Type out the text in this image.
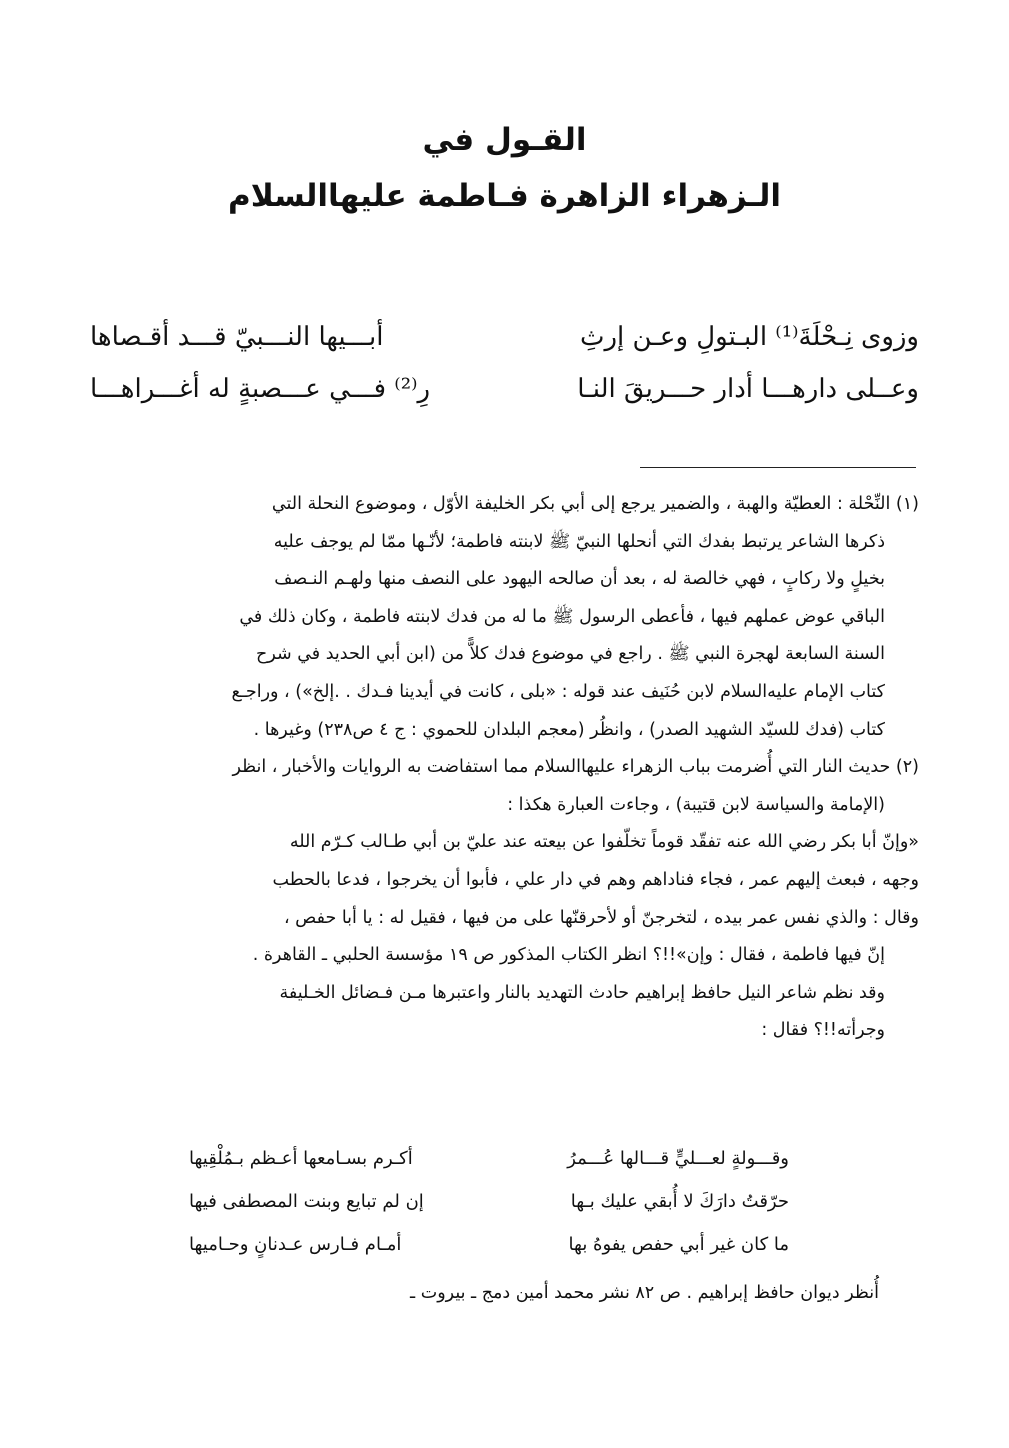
القـول في
الـزهراء الزاهرة فـاطمة عليها‌السلام
وزوى نِـحْلَةَ⁽¹⁾ البـتولِ وعـن إرثِ
أبـــيها النـــبيّ قـــد أقـصاها
وعــلى دارهـــا أدار حـــريقَ النـا
رِ⁽²⁾ فـــي عـــصبةٍ له أغـــراهـــا
(١) النِّحْلة : العطيّة والهبة ، والضمير يرجع إلى أبي بكر الخليفة الأوّل ، وموضوع النحلة التي
ذكرها الشاعر يرتبط بفدك التي أنحلها النبيّ ﷺ لابنته فاطمة؛ لأنّـها ممّا لم يوجف عليه
بخيلٍ ولا ركابٍ ، فهي خالصة له ، بعد أن صالحه اليهود على النصف منها ولهـم النـصف
الباقي عوض عملهم فيها ، فأعطى الرسول ﷺ ما له من فدك لابنته فاطمة ، وكان ذلك في
السنة السابعة لهجرة النبي ﷺ . راجع في موضوع فدك كلاًّ من (ابن أبي الحديد في شرح
كتاب الإمام عليه‌السلام لابن حُنَيف عند قوله : «بلى ، كانت في أيدينا فـدك . .إلخ») ، وراجـع
كتاب (فدك للسيّد الشهيد الصدر) ، وانظُر (معجم البلدان للحموي : ج ٤ ص٢٣٨) وغيرها .
(٢) حديث النار التي أُضرمت بباب الزهراء عليها‌السلام مما استفاضت به الروايات والأخبار ، انظر
(الإمامة والسياسة لابن قتيبة) ، وجاءت العبارة هكذا :
«وإنّ أبا بكر رضي الله عنه تفقّد قوماً تخلّفوا عن بيعته عند عليّ بن أبي طـالب كـرّم الله
وجهه ، فبعث إليهم عمر ، فجاء فناداهم وهم في دار علي ، فأبوا أن يخرجوا ، فدعا بالحطب
وقال : والذي نفس عمر بيده ، لتخرجنّ أو لأحرقنّها على من فيها ، فقيل له : يا أبا حفص ،
إنّ فيها فاطمة ، فقال : وإن»!!؟ انظر الكتاب المذكور ص ١٩ مؤسسة الحلبي ـ القاهرة .
وقد نظم شاعر النيل حافظ إبراهيم حادث التهديد بالنار واعتبرها مـن فـضائل الخـليفة
وجرأته!!؟ فقال :
وقـــولةٍ لعـــليٍّ قـــالها عُـــمرُ
أكـرم بسـامعها أعـظم بـمُلْقِيها
حرّقتُ دارَكَ لا أُبقي عليك بـها
إن لم تبايع وبنت المصطفى فيها
ما كان غير أبي حفص يفوهُ بها
أمـام فـارس عـدنانٍ وحـاميها
أُنظر ديوان حافظ إبراهيم . ص ٨٢ نشر محمد أمين دمج ـ بيروت ـ
